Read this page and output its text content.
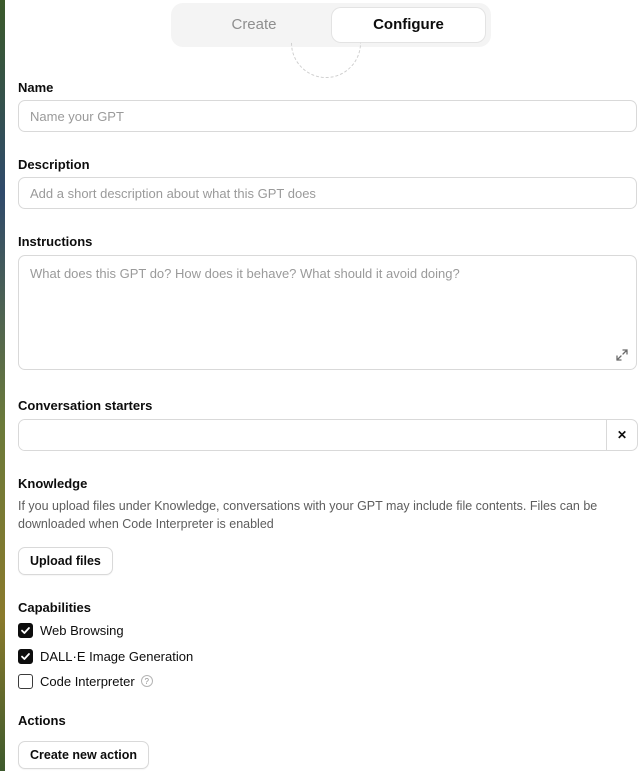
Create	Configure
Name
Name your GPT
Description
Add a short description about what this GPT does
Instructions
What does this GPT do? How does it behave? What should it avoid doing?
Conversation starters
✕
Knowledge
If you upload files under Knowledge, conversations with your GPT may include file contents. Files can be downloaded when Code Interpreter is enabled
Upload files
Capabilities
Web Browsing
DALL·E Image Generation
Code Interpreter	?
Actions
Create new action
